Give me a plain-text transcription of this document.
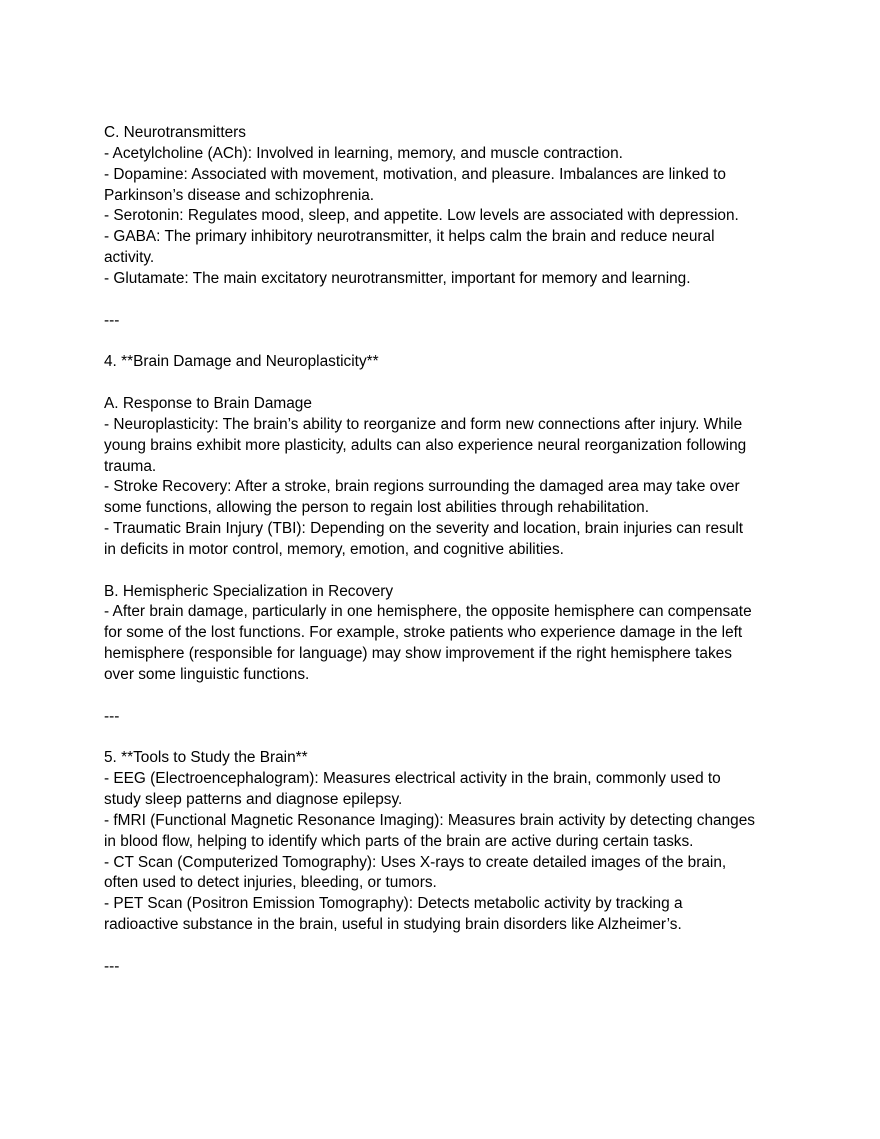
C. Neurotransmitters
- Acetylcholine (ACh): Involved in learning, memory, and muscle contraction.
- Dopamine: Associated with movement, motivation, and pleasure. Imbalances are linked to
Parkinson’s disease and schizophrenia.
- Serotonin: Regulates mood, sleep, and appetite. Low levels are associated with depression.
- GABA: The primary inhibitory neurotransmitter, it helps calm the brain and reduce neural
activity.
- Glutamate: The main excitatory neurotransmitter, important for memory and learning.
---
4. **Brain Damage and Neuroplasticity**
A. Response to Brain Damage
- Neuroplasticity: The brain’s ability to reorganize and form new connections after injury. While
young brains exhibit more plasticity, adults can also experience neural reorganization following
trauma.
- Stroke Recovery: After a stroke, brain regions surrounding the damaged area may take over
some functions, allowing the person to regain lost abilities through rehabilitation.
- Traumatic Brain Injury (TBI): Depending on the severity and location, brain injuries can result
in deficits in motor control, memory, emotion, and cognitive abilities.
B. Hemispheric Specialization in Recovery
- After brain damage, particularly in one hemisphere, the opposite hemisphere can compensate
for some of the lost functions. For example, stroke patients who experience damage in the left
hemisphere (responsible for language) may show improvement if the right hemisphere takes
over some linguistic functions.
---
5. **Tools to Study the Brain**
- EEG (Electroencephalogram): Measures electrical activity in the brain, commonly used to
study sleep patterns and diagnose epilepsy.
- fMRI (Functional Magnetic Resonance Imaging): Measures brain activity by detecting changes
in blood flow, helping to identify which parts of the brain are active during certain tasks.
- CT Scan (Computerized Tomography): Uses X-rays to create detailed images of the brain,
often used to detect injuries, bleeding, or tumors.
- PET Scan (Positron Emission Tomography): Detects metabolic activity by tracking a
radioactive substance in the brain, useful in studying brain disorders like Alzheimer’s.
---
